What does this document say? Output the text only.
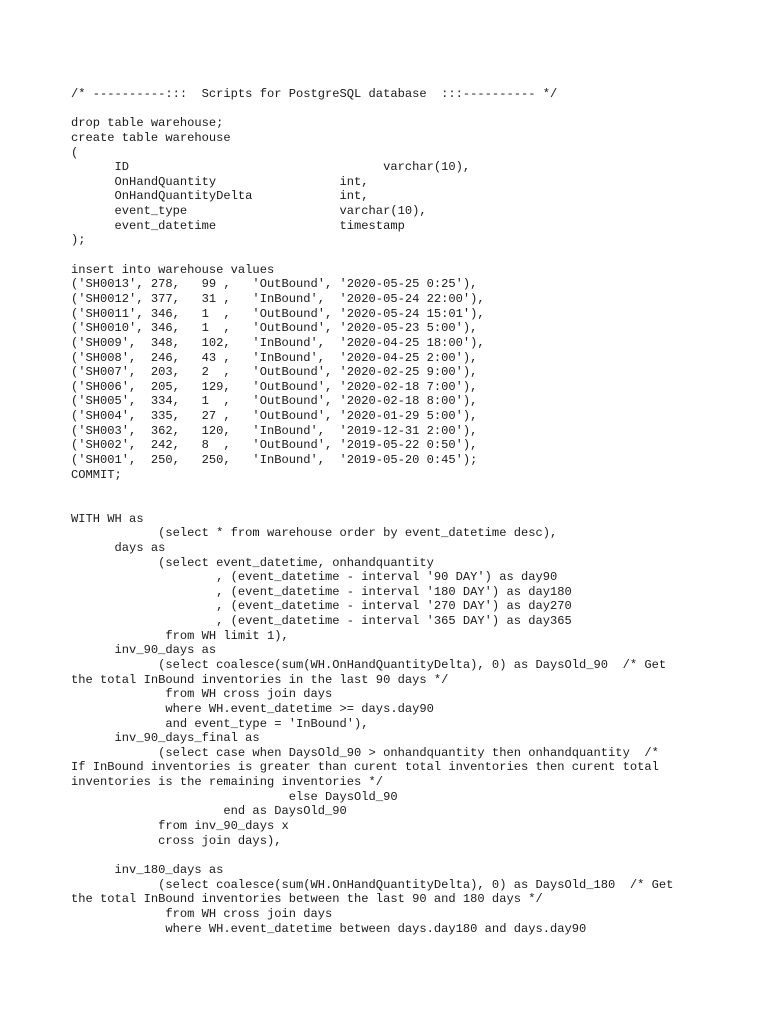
/* ----------:::  Scripts for PostgreSQL database  :::---------- */
drop table warehouse;
create table warehouse
(
ID                                   varchar(10),
OnHandQuantity                 int,
OnHandQuantityDelta            int,
event_type                     varchar(10),
event_datetime                 timestamp
);
insert into warehouse values
('SH0013', 278,   99 ,   'OutBound', '2020-05-25 0:25'),
('SH0012', 377,   31 ,   'InBound',  '2020-05-24 22:00'),
('SH0011', 346,   1  ,   'OutBound', '2020-05-24 15:01'),
('SH0010', 346,   1  ,   'OutBound', '2020-05-23 5:00'),
('SH009',  348,   102,   'InBound',  '2020-04-25 18:00'),
('SH008',  246,   43 ,   'InBound',  '2020-04-25 2:00'),
('SH007',  203,   2  ,   'OutBound', '2020-02-25 9:00'),
('SH006',  205,   129,   'OutBound', '2020-02-18 7:00'),
('SH005',  334,   1  ,   'OutBound', '2020-02-18 8:00'),
('SH004',  335,   27 ,   'OutBound', '2020-01-29 5:00'),
('SH003',  362,   120,   'InBound',  '2019-12-31 2:00'),
('SH002',  242,   8  ,   'OutBound', '2019-05-22 0:50'),
('SH001',  250,   250,   'InBound',  '2019-05-20 0:45');
COMMIT;
WITH WH as
(select * from warehouse order by event_datetime desc),
days as
(select event_datetime, onhandquantity
, (event_datetime - interval '90 DAY') as day90
, (event_datetime - interval '180 DAY') as day180
, (event_datetime - interval '270 DAY') as day270
, (event_datetime - interval '365 DAY') as day365
from WH limit 1),
inv_90_days as
(select coalesce(sum(WH.OnHandQuantityDelta), 0) as DaysOld_90  /* Get
the total InBound inventories in the last 90 days */
from WH cross join days
where WH.event_datetime >= days.day90
and event_type = 'InBound'),
inv_90_days_final as
(select case when DaysOld_90 > onhandquantity then onhandquantity  /*
If InBound inventories is greater than curent total inventories then curent total
inventories is the remaining inventories */
else DaysOld_90
end as DaysOld_90
from inv_90_days x
cross join days),
inv_180_days as
(select coalesce(sum(WH.OnHandQuantityDelta), 0) as DaysOld_180  /* Get
the total InBound inventories between the last 90 and 180 days */
from WH cross join days
where WH.event_datetime between days.day180 and days.day90
